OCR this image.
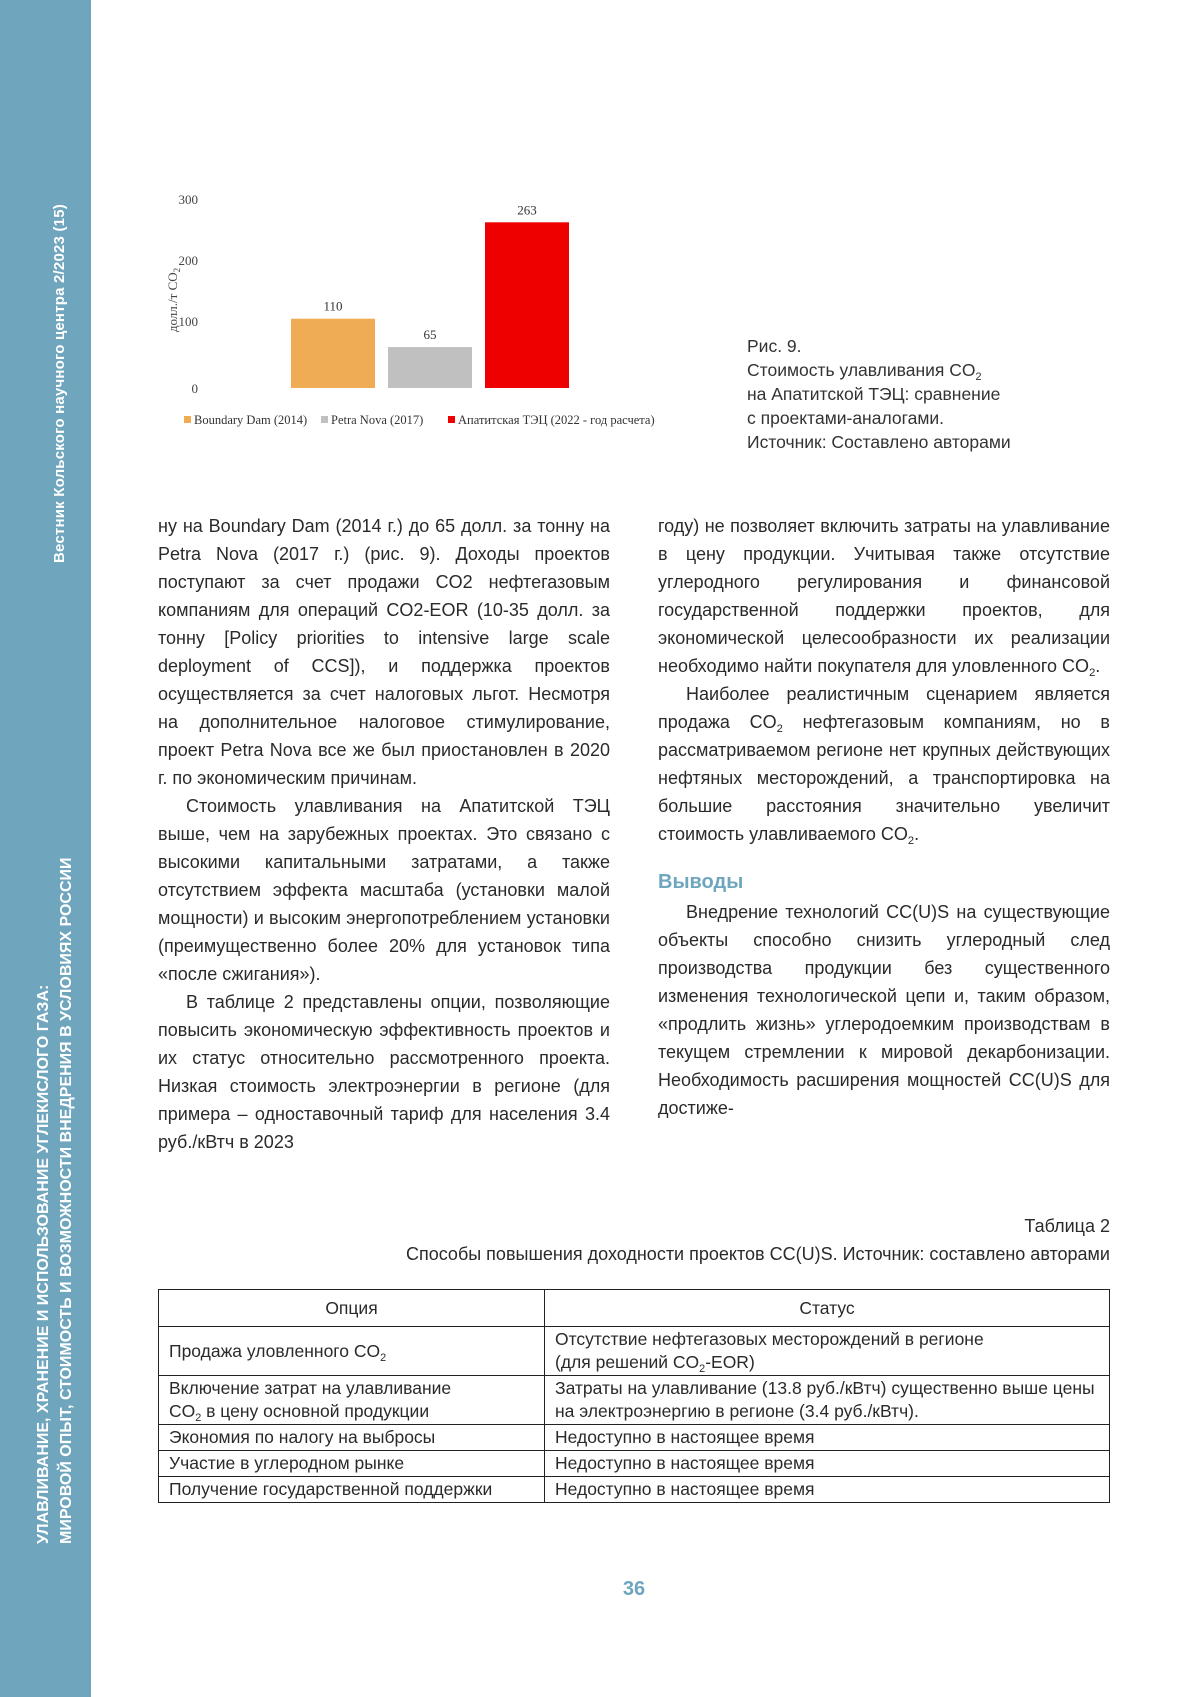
Вестник Кольского научного центра 2/2023 (15)
УЛАВЛИВАНИЕ, ХРАНЕНИЕ И ИСПОЛЬЗОВАНИЕ УГЛЕКИСЛОГО ГАЗА: МИРОВОЙ ОПЫТ, СТОИМОСТЬ И ВОЗМОЖНОСТИ ВНЕДРЕНИЯ В УСЛОВИЯХ РОССИИ
300
200
100
0
долл./т $CO_2$
110
65
263
Boundary Dam (2014) Petra Nova (2017)	Апатитская ТЭЦ (2022 - год расчета)
Рис. 9.
Стоимость улавливания $CO_2$
на Апатитской ТЭЦ: сравнение
с проектами-аналогами.
Источник: Составлено авторами

ну на Boundary Dam (2014 г.) до 65 долл. за тонну на Petra Nova (2017 г.) (рис. 9). Доходы проектов поступают за счет продажи CO2 нефтегазовым компаниям для операций CO2-EOR (10-35 долл. за тонну [Policy priorities to intensive large scale deployment of CCS]), и поддержка проектов осуществляется за счет налоговых льгот. Несмотря на дополнительное налоговое стимулирование, проект Petra Nova все же был приостановлен в 2020 г. по экономическим причинам.

Стоимость улавливания на Апатитской ТЭЦ выше, чем на зарубежных проектах. Это связано с высокими капитальными затратами, а также отсутствием эффекта масштаба (установки малой мощности) и высоким энергопотреблением установки (преимущественно более 20% для установок типа «после сжигания»).

В таблице 2 представлены опции, позволяющие повысить экономическую эффективность проектов и их статус относительно рассмотренного проекта. Низкая стоимость электроэнергии в регионе (для примера – одноставочный тариф для населения 3.4 руб./кВтч в 2023

году) не позволяет включить затраты на улавливание в цену продукции. Учитывая также отсутствие углеродного регулирования и финансовой государственной поддержки проектов, для экономической целесообразности их реализации необходимо найти покупателя для уловленного $CO_2$.

Наиболее реалистичным сценарием является продажа $CO_2$ нефтегазовым компаниям, но в рассматриваемом регионе нет крупных действующих нефтяных месторождений, а транспортировка на большие расстояния значительно увеличит стоимость улавливаемого $CO_2$.

Выводы

Внедрение технологий CC(U)S на существующие объекты способно снизить углеродный след производства продукции без существенного изменения технологической цепи и, таким образом, «продлить жизнь» углеродоемким производствам в текущем стремлении к мировой декарбонизации. Необходимость расширения мощностей CC(U)S для достиже-

Таблица 2
Способы повышения доходности проектов CC(U)S. Источник: составлено авторами
Опция	Статус
Продажа уловленного $CO_2$	Отсутствие нефтегазовых месторождений в регионе
(для решений $CO_2-EOR$)
Включение затрат на улавливание
$CO_2$ в цену основной продукции	Затраты на улавливание (13.8 руб./кВтч) существенно выше цены на электроэнергию в регионе (3.4 руб./кВтч).
Экономия по налогу на выбросы	Недоступно в настоящее время
Участие в углеродном рынке	Недоступно в настоящее время
Получение государственной поддержки	Недоступно в настоящее время
36
